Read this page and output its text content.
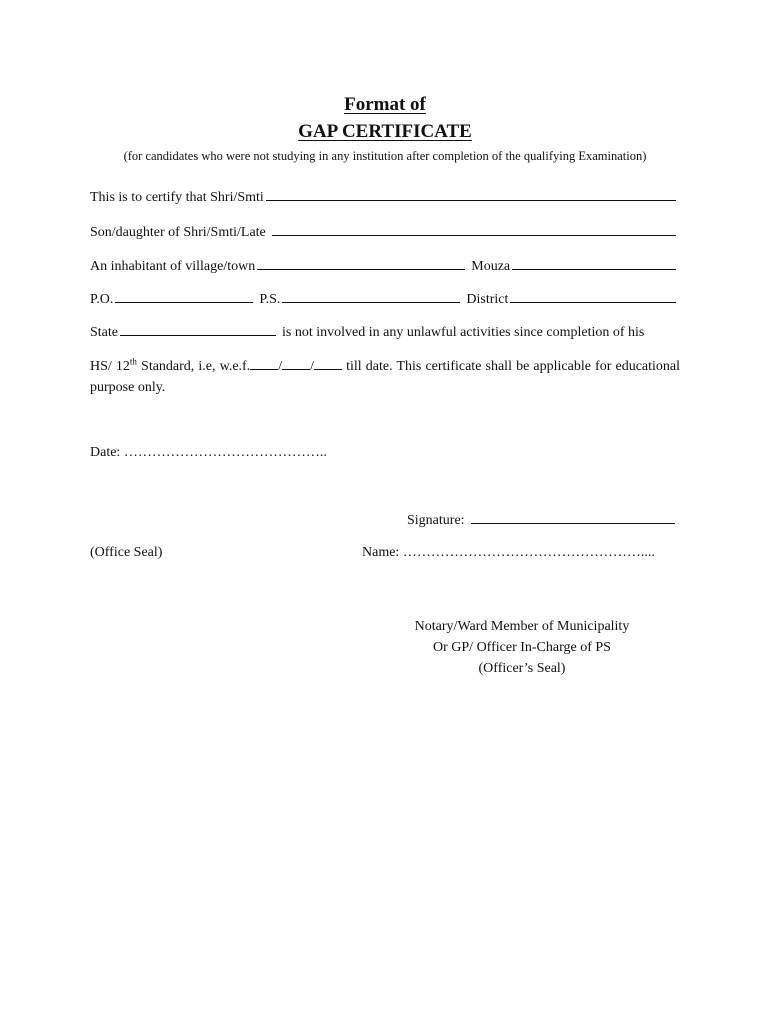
Format of
GAP CERTIFICATE
(for candidates who were not studying in any institution after completion of the qualifying Examination)
This is to certify that Shri/Smti
Son/daughter of Shri/Smti/Late
An inhabitant of village/town	Mouza
P.O.	P.S.	District
State	is not involved in any unlawful activities since completion of his
HS/ 12th Standard, i.e, w.e.f. / / till date. This certificate shall be applicable for educational purpose only.
Date: ……………………………………..
Signature:
(Office Seal)	Name: ……………………………………………....
Notary/Ward Member of Municipality
Or GP/ Officer In-Charge of PS
(Officer’s Seal)
